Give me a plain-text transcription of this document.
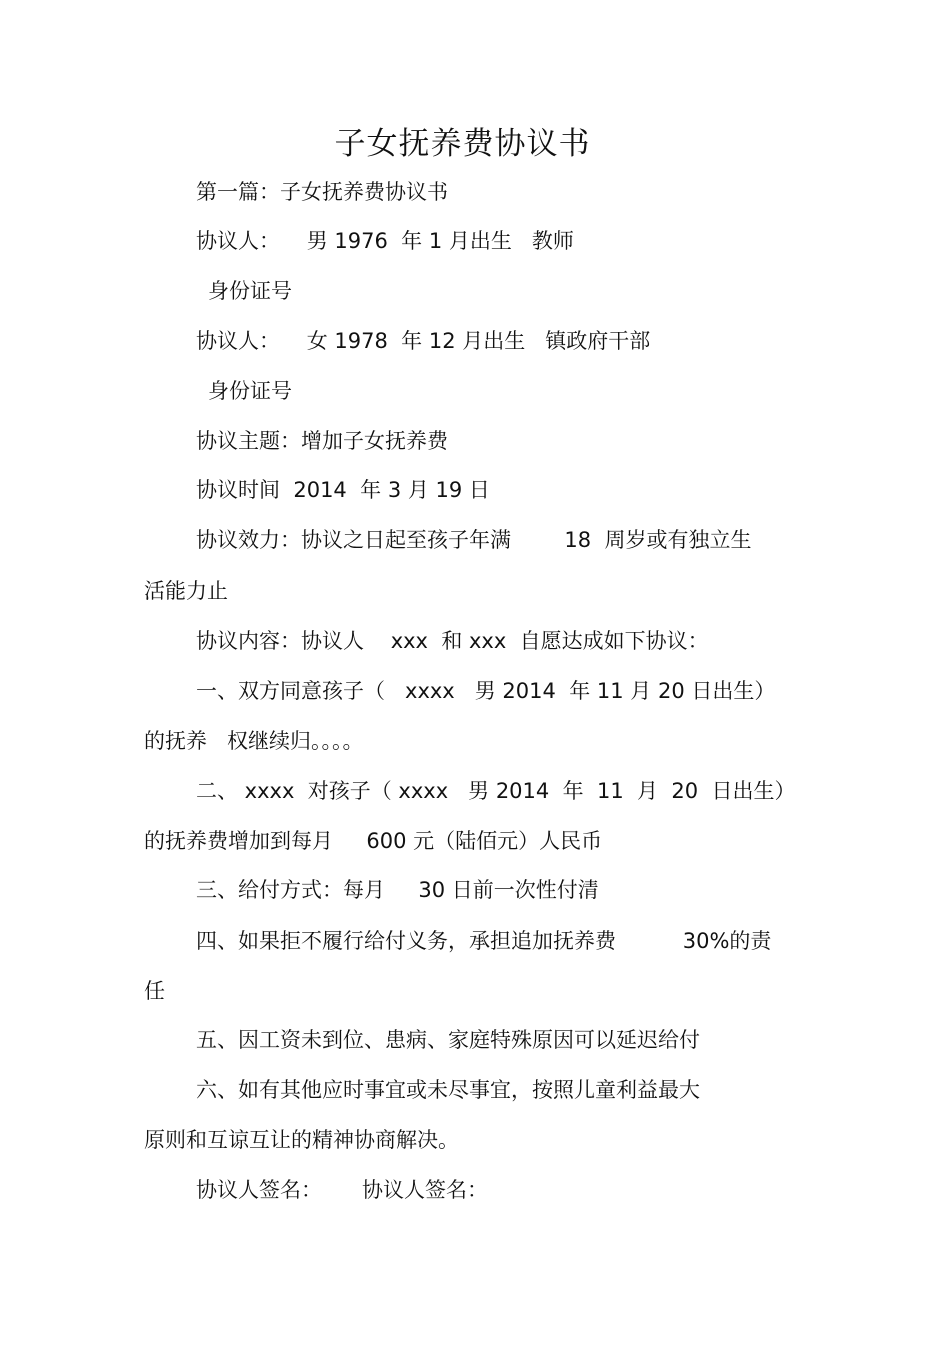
子女抚养费协议书
第一篇：子女抚养费协议书
协议人：    男 1976  年 1 月出生   教师
身份证号
协议人：    女 1978  年 12 月出生   镇政府干部
身份证号
协议主题：增加子女抚养费
协议时间  2014  年 3 月 19 日
协议效力：协议之日起至孩子年满        18  周岁或有独立生
活能力止
协议内容：协议人    xxx  和 xxx  自愿达成如下协议：
一、双方同意孩子（   xxxx   男 2014  年 11 月 20 日出生）
的抚养   权继续归。。。。
二、 xxxx  对孩子（ xxxx   男 2014  年  11  月  20  日出生）
的抚养费增加到每月     600 元（陆佰元）人民币
三、给付方式：每月     30 日前一次性付清
四、如果拒不履行给付义务，承担追加抚养费          30%的责
任
五、因工资未到位、患病、家庭特殊原因可以延迟给付
六、如有其他应时事宜或未尽事宜，按照儿童利益最大
原则和互谅互让的精神协商解决。
协议人签名： 协议人签名：
